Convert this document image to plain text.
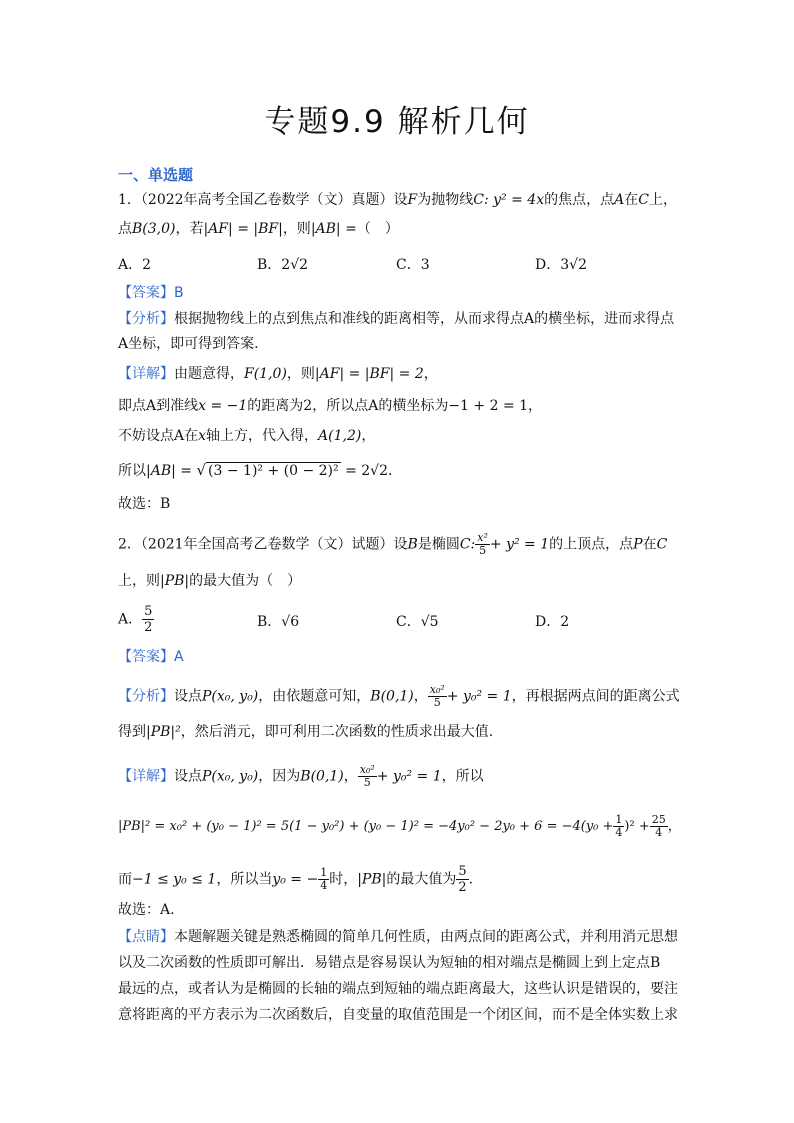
专题9.9 解析几何
一、单选题
1．（2022年高考全国乙卷数学（文）真题）设F为抛物线C: y² = 4x的焦点，点A在C上，
点B(3,0)，若|AF| = |BF|，则|AB| =（　）
A．2	B．2√2	C．3	D．3√2
【答案】B
【分析】根据抛物线上的点到焦点和准线的距离相等，从而求得点A的横坐标，进而求得点
A坐标，即可得到答案.
【详解】由题意得，F(1,0)，则|AF| = |BF| = 2，
即点A到准线x = −1的距离为2，所以点A的横坐标为−1 + 2 = 1，
不妨设点A在x轴上方，代入得，A(1,2)，
所以|AB| = √ (3 − 1)² + (0 − 2)² = 2√2.
故选：B
2．（2021年全国高考乙卷数学（文）试题）设B是椭圆C: $\frac{\text{x²}}{5} + y^2 = 1$的上顶点，点P在C
上，则|PB|的最大值为（　）
A． $\frac{5}{2}$	B．√6	C．√5	D．2
【答案】A
【分析】设点P(x₀, y₀)，由依题意可知，B(0,1)， $\frac{\text{x₀²}}{5} + y_0^2 = 1$，再根据两点间的距离公式
得到|PB|²，然后消元，即可利用二次函数的性质求出最大值.
【详解】设点P(x₀, y₀)，因为B(0,1)， $\frac{\text{x₀²}}{5} + y_0^2 = 1$，所以
$|PB|^2 = x_0^2 + (y_0 - 1)^2 = 5(1 - y_0^2) + (y_0 - 1)^2 = -4y_0^2 - 2y_0 + 6 = -4(y_0 + \frac{1}{4} )^2 + \frac{25}{4}$ ，
而−1 ≤ y₀ ≤ 1，所以当y₀ = − $\frac{1}{4}$ 时，|PB|的最大值为 $\frac{5}{2}$ .
故选：A.
【点睛】本题解题关键是熟悉椭圆的简单几何性质，由两点间的距离公式，并利用消元思想
以及二次函数的性质即可解出．易错点是容易误认为短轴的相对端点是椭圆上到上定点B
最远的点，或者认为是椭圆的长轴的端点到短轴的端点距离最大，这些认识是错误的，要注
意将距离的平方表示为二次函数后，自变量的取值范围是一个闭区间，而不是全体实数上求
